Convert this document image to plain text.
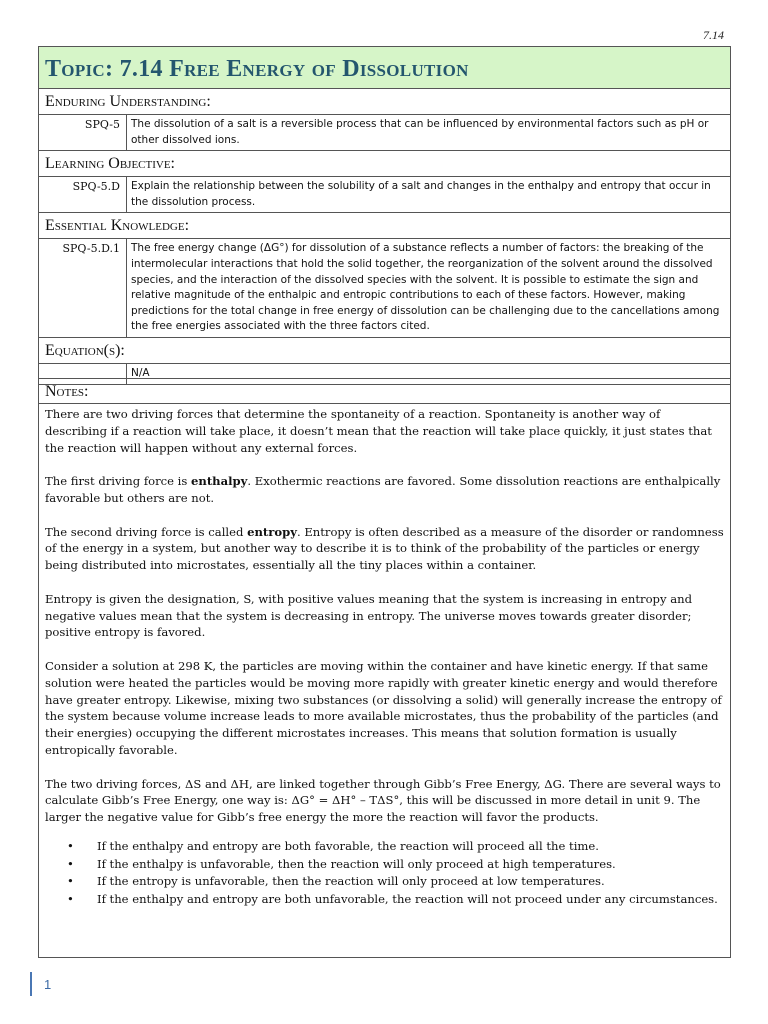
7.14
Topic: 7.14 Free Energy of Dissolution	

Enduring Understanding:	
SPQ-5	The dissolution of a salt is a reversible process that can be influenced by environmental factors such as pH or other dissolved ions.
Learning Objective:	
SPQ-5.D	Explain the relationship between the solubility of a salt and changes in the enthalpy and entropy that occur in the dissolution process.
Essential Knowledge:	
SPQ-5.D.1	The free energy change (ΔG°) for dissolution of a substance reflects a number of factors: the breaking of the intermolecular interactions that hold the solid together, the reorganization of the solvent around the dissolved species, and the interaction of the dissolved species with the solvent. It is possible to estimate the sign and relative magnitude of the enthalpic and entropic contributions to each of these factors. However, making predictions for the total change in free energy of dissolution can be challenging due to the cancellations among the free energies associated with the three factors cited.
Equation(s):	
	N/A
Notes:

There are two driving forces that determine the spontaneity of a reaction. Spontaneity is another way of describing if a reaction will take place, it doesn’t mean that the reaction will take place quickly, it just states that the reaction will happen without any external forces.

The first driving force is enthalpy. Exothermic reactions are favored. Some dissolution reactions are enthalpically favorable but others are not.

The second driving force is called entropy. Entropy is often described as a measure of the disorder or randomness of the energy in a system, but another way to describe it is to think of the probability of the particles or energy being distributed into microstates, essentially all the tiny places within a container.

Entropy is given the designation, S, with positive values meaning that the system is increasing in entropy and negative values mean that the system is decreasing in entropy. The universe moves towards greater disorder; positive entropy is favored.

Consider a solution at 298 K, the particles are moving within the container and have kinetic energy. If that same solution were heated the particles would be moving more rapidly with greater kinetic energy and would therefore have greater entropy. Likewise, mixing two substances (or dissolving a solid) will generally increase the entropy of the system because volume increase leads to more available microstates, thus the probability of the particles (and their energies) occupying the different microstates increases. This means that solution formation is usually entropically favorable.

The two driving forces, ΔS and ΔH, are linked together through Gibb’s Free Energy, ΔG. There are several ways to calculate Gibb’s Free Energy, one way is: ΔG° = ΔH° – TΔS°, this will be discussed in more detail in unit 9. The larger the negative value for Gibb’s free energy the more the reaction will favor the products.

• If the enthalpy and entropy are both favorable, the reaction will proceed all the time.
• If the enthalpy is unfavorable, then the reaction will only proceed at high temperatures.
• If the entropy is unfavorable, then the reaction will only proceed at low temperatures.
• If the enthalpy and entropy are both unfavorable, the reaction will not proceed under any circumstances.
1
